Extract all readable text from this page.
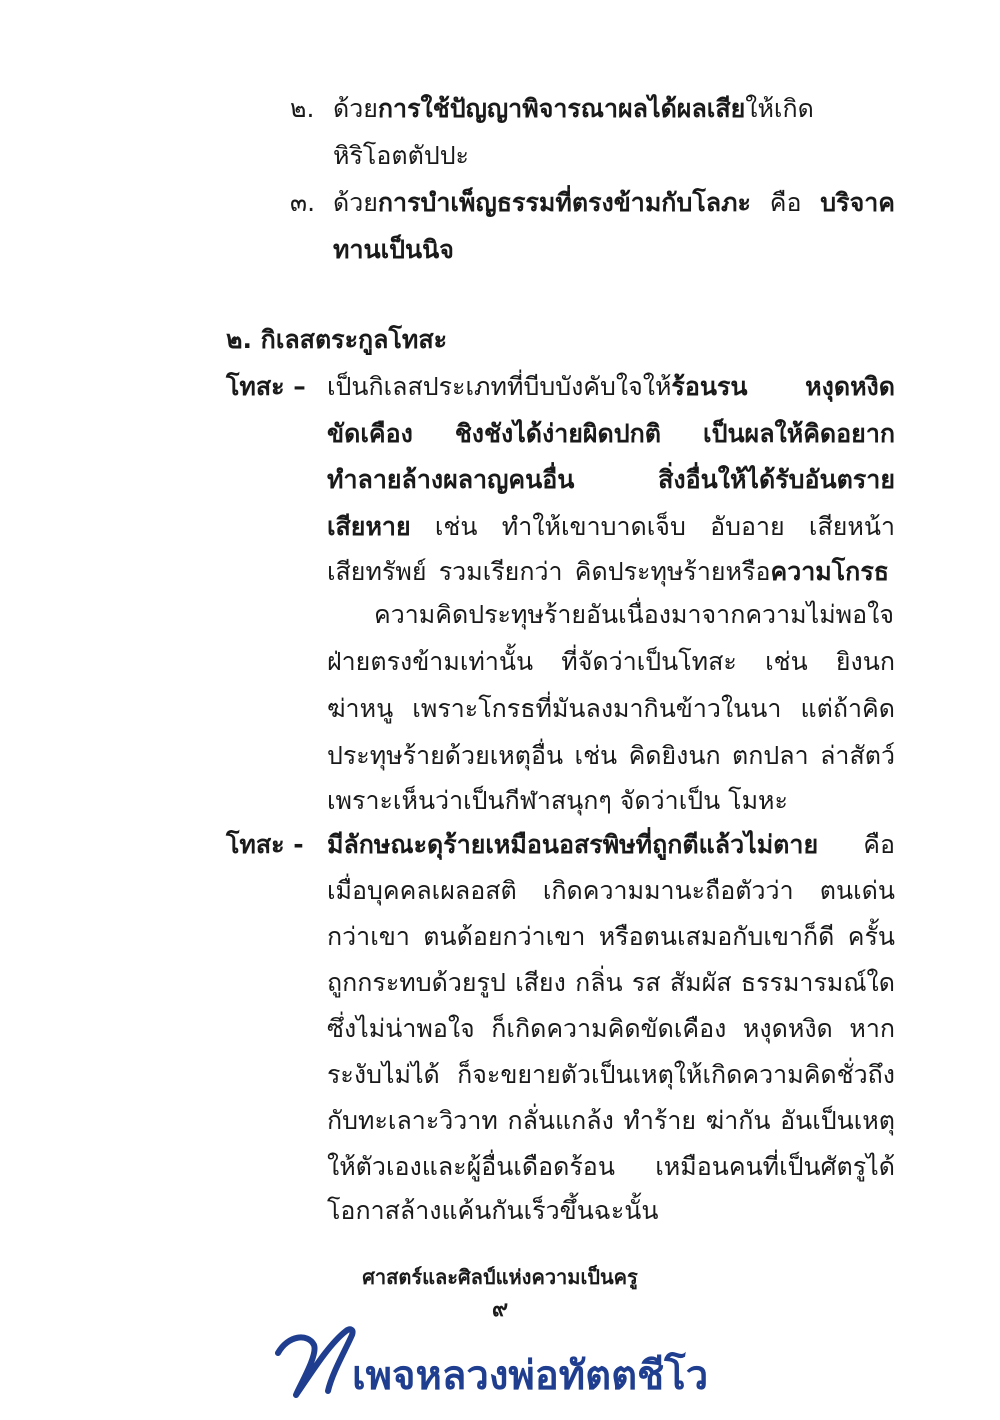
๒. ด้วยการใช้ปัญญาพิจารณาผลได้ผลเสียให้เกิด
หิริโอตตัปปะ
๓. ด้วยการบำเพ็ญธรรมที่ตรงข้ามกับโลภะ คือ บริจาค
ทานเป็นนิจ
๒. กิเลสตระกูลโทสะ
โทสะ – เป็นกิเลสประเภทที่บีบบังคับใจให้ร้อนรน หงุดหงิด
ขัดเคือง ชิงชังได้ง่ายผิดปกติ เป็นผลให้คิดอยาก
ทำลายล้างผลาญคนอื่น สิ่งอื่นให้ได้รับอันตราย
เสียหาย เช่น ทำให้เขาบาดเจ็บ อับอาย เสียหน้า
เสียทรัพย์ รวมเรียกว่า คิดประทุษร้ายหรือความโกรธ
ความคิดประทุษร้ายอันเนื่องมาจากความไม่พอใจ
ฝ่ายตรงข้ามเท่านั้น ที่จัดว่าเป็นโทสะ เช่น ยิงนก
ฆ่าหนู เพราะโกรธที่มันลงมากินข้าวในนา แต่ถ้าคิด
ประทุษร้ายด้วยเหตุอื่น เช่น คิดยิงนก ตกปลา ล่าสัตว์
เพราะเห็นว่าเป็นกีฬาสนุกๆ จัดว่าเป็น โมหะ
โทสะ - มีลักษณะดุร้ายเหมือนอสรพิษที่ถูกตีแล้วไม่ตาย คือ
เมื่อบุคคลเผลอสติ เกิดความมานะถือตัวว่า ตนเด่น
กว่าเขา ตนด้อยกว่าเขา หรือตนเสมอกับเขาก็ดี ครั้น
ถูกกระทบด้วยรูป เสียง กลิ่น รส สัมผัส ธรรมารมณ์ใด
ซึ่งไม่น่าพอใจ ก็เกิดความคิดขัดเคือง หงุดหงิด หาก
ระงับไม่ได้ ก็จะขยายตัวเป็นเหตุให้เกิดความคิดชั่วถึง
กับทะเลาะวิวาท กลั่นแกล้ง ทำร้าย ฆ่ากัน อันเป็นเหตุ
ให้ตัวเองและผู้อื่นเดือดร้อน เหมือนคนที่เป็นศัตรูได้
โอกาสล้างแค้นกันเร็วขึ้นฉะนั้น
ศาสตร์และศิลป์แห่งความเป็นครู
๙
เพจหลวงพ่อทัตตชีโว
